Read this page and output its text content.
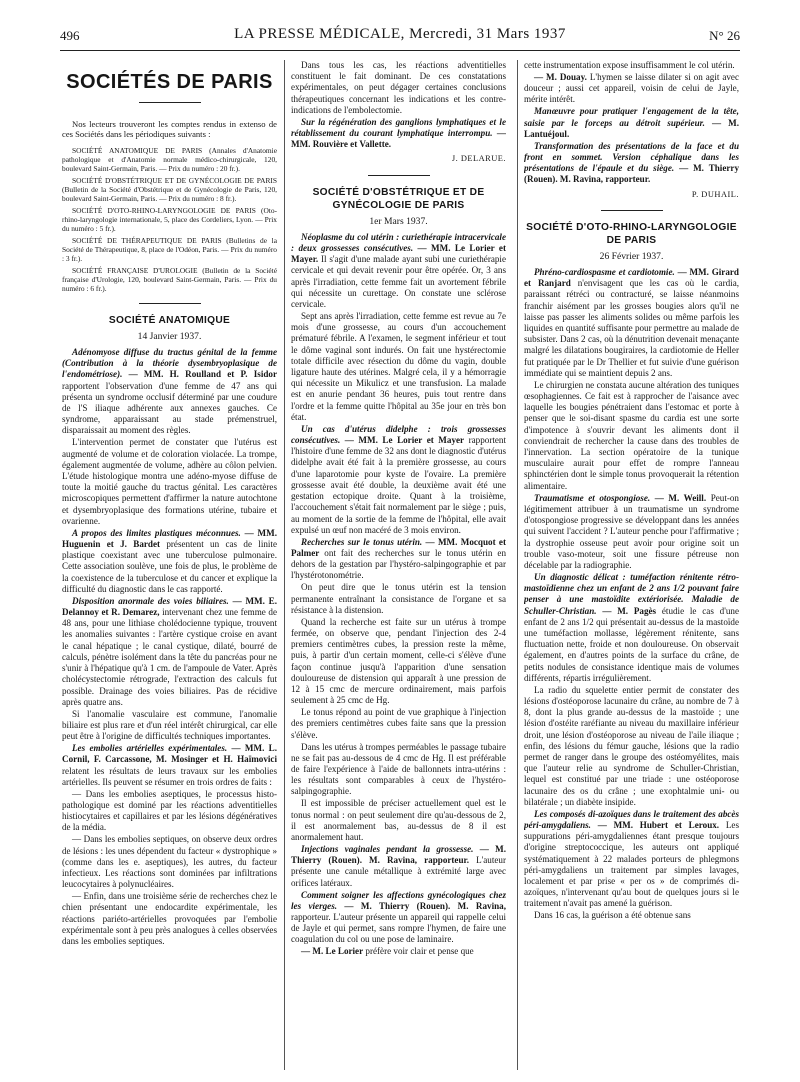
496	LA PRESSE MÉDICALE, Mercredi, 31 Mars 1937	N° 26
SOCIÉTÉS DE PARIS

Nos lecteurs trouveront les comptes rendus in extenso de ces Sociétés dans les périodiques suivants :

SOCIÉTÉ ANATOMIQUE DE PARIS (Annales d'Anatomie pathologique et d'Anatomie normale médico-chirurgicale, 120, boulevard Saint-Germain, Paris. — Prix du numéro : 20 fr.).

SOCIÉTÉ D'OBSTÉTRIQUE ET DE GYNÉCOLOGIE DE PARIS (Bulletin de la Société d'Obstétrique et de Gynécologie de Paris, 120, boulevard Saint-Germain, Paris. — Prix du numéro : 8 fr.).

SOCIÉTÉ D'OTO-RHINO-LARYNGOLOGIE DE PARIS (Oto-rhino-laryngologie internationale, 5, place des Cordeliers, Lyon. — Prix du numéro : 5 fr.).

SOCIÉTÉ DE THÉRAPEUTIQUE DE PARIS (Bulletins de la Société de Thérapeutique, 8, place de l'Odéon, Paris. — Prix du numéro : 3 fr.).

SOCIÉTÉ FRANÇAISE D'UROLOGIE (Bulletin de la Société française d'Urologie, 120, boulevard Saint-Germain, Paris. — Prix du numéro : 6 fr.).

SOCIÉTÉ ANATOMIQUE
14 Janvier 1937.

Adénomyose diffuse du tractus génital de la femme (Contribution à la théorie dysembryoplasique de l'endométriose). — MM. H. Roulland et P. Isidor rapportent l'observation d'une femme de 47 ans qui présenta un syndrome occlusif déterminé par une coudure de l'S iliaque adhérente aux annexes gauches. Ce syndrome, apparaissant au stade prémenstruel, disparaissait au moment des règles.

L'intervention permet de constater que l'utérus est augmenté de volume et de coloration violacée. La trompe, également augmentée de volume, adhère au côlon pelvien. L'étude histologique montra une adéno-myose diffuse de toute la moitié gauche du tractus génital. Les caractères microscopiques permettent d'affirmer la nature autochtone et dysembryoplasique des formations utérine, tubaire et ovarienne.

A propos des limites plastiques méconnues. — MM. Huguenin et J. Bardet présentent un cas de linite plastique coexistant avec une tuberculose pulmonaire. Cette association soulève, une fois de plus, le problème de la coexistence de la tuberculose et du cancer et explique la difficulté du diagnostic dans le cas rapporté.

Disposition anormale des voies biliaires. — MM. E. Delannoy et R. Demarez, intervenant chez une femme de 48 ans, pour une lithiase cholédocienne typique, trouvent les anomalies suivantes : l'artère cystique croise en avant le canal hépatique ; le canal cystique, dilaté, bourré de calculs, pénètre isolément dans la tête du pancréas pour ne s'unir à l'hépatique qu'à 1 cm. de l'ampoule de Vater. Après cholécystectomie rétrograde, l'extraction des calculs fut possible. Drainage des voies biliaires. Pas de récidive après quatre ans.

Si l'anomalie vasculaire est commune, l'anomalie biliaire est plus rare et d'un réel intérêt chirurgical, car elle peut être à l'origine de difficultés techniques importantes.

Les embolies artérielles expérimentales. — MM. L. Cornil, F. Carcassone, M. Mosinger et H. Haïmovici relatent les résultats de leurs travaux sur les embolies artérielles. Ils peuvent se résumer en trois ordres de faits :

— Dans les embolies aseptiques, le processus histo-pathologique est dominé par les réactions adventitielles histiocytaires et capillaires et par les lésions dégénératives de la média.

— Dans les embolies septiques, on observe deux ordres de lésions : les unes dépendent du facteur « dystrophique » (comme dans les e. aseptiques), les autres, du facteur infectieux. Les réactions sont dominées par infiltrations leucocytaires à polynucléaires.

— Enfin, dans une troisième série de recherches chez le chien présentant une endocardite expérimentale, les réactions pariéto-artérielles provoquées par l'embolie expérimentale sont à peu près analogues à celles observées dans les embolies septiques.

Dans tous les cas, les réactions adventitielles constituent le fait dominant. De ces constatations expérimentales, on peut dégager certaines conclusions thérapeutiques concernant les indications et les contre-indications de l'embolectomie.

Sur la régénération des ganglions lymphatiques et le rétablissement du courant lymphatique interrompu. — MM. Rouvière et Vallette.

J. DELARUE.
SOCIÉTÉ D'OBSTÉTRIQUE ET DE GYNÉCOLOGIE DE PARIS
1er Mars 1937.

Néoplasme du col utérin : curiethérapie intracervicale : deux grossesses consécutives. — MM. Le Lorier et Mayer. Il s'agit d'une malade ayant subi une curiethérapie cervicale et qui devait revenir pour être opérée. Or, 3 ans après l'irradiation, cette femme fait un avortement fébrile qui nécessite un curettage. On constate une sclérose cervicale.

Sept ans après l'irradiation, cette femme est revue au 7e mois d'une grossesse, au cours d'un accouchement prématuré fébrile. A l'examen, le segment inférieur et tout le dôme vaginal sont indurés. On fait une hystérectomie totale difficile avec résection du dôme du vagin, double ligature haute des utérines. Malgré cela, il y a hémorragie qui nécessite un Mikulicz et une transfusion. La malade est en anurie pendant 36 heures, puis tout rentre dans l'ordre et la femme quitte l'hôpital au 35e jour en très bon état.

Un cas d'utérus didelphe : trois grossesses consécutives. — MM. Le Lorier et Mayer rapportent l'histoire d'une femme de 32 ans dont le diagnostic d'utérus didelphe avait été fait à la première grossesse, au cours d'une laparotomie pour kyste de l'ovaire. La première grossesse avait été double, la deuxième avait été une gestation ectopique droite. Quant à la troisième, l'accouchement s'était fait normalement par le siège ; puis, au moment de la sortie de la femme de l'hôpital, elle avait expulsé un œuf non macéré de 3 mois environ.

Recherches sur le tonus utérin. — MM. Mocquot et Palmer ont fait des recherches sur le tonus utérin en dehors de la gestation par l'hystéro-salpingographie et par l'hystérotonométrie.

On peut dire que le tonus utérin est la tension permanente entraînant la consistance de l'organe et sa résistance à la distension.

Quand la recherche est faite sur un utérus à trompe fermée, on observe que, pendant l'injection des 2-4 premiers centimètres cubes, la pression reste la même, puis, à partir d'un certain moment, celle-ci s'élève d'une façon continue jusqu'à l'apparition d'une sensation douloureuse de distension qui apparaît à une pression de 12 à 15 cmc de mercure ordinairement, mais parfois seulement à 25 cmc de Hg.

Le tonus répond au point de vue graphique à l'injection des premiers centimètres cubes faite sans que la pression s'élève.

Dans les utérus à trompes perméables le passage tubaire ne se fait pas au-dessous de 4 cmc de Hg. Il est préférable de faire l'expérience à l'aide de ballonnets intra-utérins : les résultats sont comparables à ceux de l'hystéro-salpingographie.

Il est impossible de préciser actuellement quel est le tonus normal : on peut seulement dire qu'au-dessous de 2, il est anormalement bas, au-dessus de 8 il est anormalement haut.

Injections vaginales pendant la grossesse. — M. Thierry (Rouen). M. Ravina, rapporteur. L'auteur présente une canule métallique à extrémité large avec orifices latéraux.

Comment soigner les affections gynécologiques chez les vierges. — M. Thierry (Rouen). M. Ravina, rapporteur. L'auteur présente un appareil qui rappelle celui de Jayle et qui permet, sans rompre l'hymen, de faire une coagulation du col ou une pose de laminaire.

— M. Le Lorier préfère voir clair et pense que

cette instrumentation expose insuffisamment le col utérin.

— M. Douay. L'hymen se laisse dilater si on agit avec douceur ; aussi cet appareil, voisin de celui de Jayle, mérite intérêt.

Manœuvre pour pratiquer l'engagement de la tête, saisie par le forceps au détroit supérieur. — M. Lantuéjoul.

Transformation des présentations de la face et du front en sommet. Version céphalique dans les présentations de l'épaule et du siège. — M. Thierry (Rouen). M. Ravina, rapporteur.

P. DUHAIL.
SOCIÉTÉ D'OTO-RHINO-LARYNGOLOGIE DE PARIS
26 Février 1937.

Phréno-cardiospasme et cardiotomie. — MM. Girard et Ranjard n'envisagent que les cas où le cardia, paraissant rétréci ou contracturé, se laisse néanmoins franchir aisément par les grosses bougies alors qu'il ne laisse pas passer les aliments solides ou même parfois les liquides en quantité suffisante pour permettre au malade de subsister. Dans 2 cas, où la dénutrition devenait menaçante malgré les dilatations bougiraires, la cardiotomie de Heller fut pratiquée par le Dr Thellier et fut suivie d'une guérison immédiate qui se maintient depuis 2 ans.

Le chirurgien ne constata aucune altération des tuniques œsophagiennes. Ce fait est à rapprocher de l'aisance avec laquelle les bougies pénétraient dans l'estomac et porte à penser que le soi-disant spasme du cardia est une sorte d'impotence à s'ouvrir devant les aliments dont il conviendrait de rechercher la cause dans des troubles de l'innervation. La section opératoire de la tunique musculaire aurait pour effet de rompre l'anneau sphinctérien dont le simple tonus provoquerait la rétention alimentaire.

Traumatisme et otospongiose. — M. Weill. Peut-on légitimement attribuer à un traumatisme un syndrome d'otospongiose progressive se développant dans les années qui suivent l'accident ? L'auteur penche pour l'affirmative ; la dystrophie osseuse peut avoir pour origine soit un trouble vaso-moteur, soit une fissure pétreuse non décelable par la radiographie.

Un diagnostic délicat : tuméfaction rénitente rétro-mastoïdienne chez un enfant de 2 ans 1/2 pouvant faire penser à une mastoïdite extériorisée. Maladie de Schuller-Christian. — M. Pagès étudie le cas d'une enfant de 2 ans 1/2 qui présentait au-dessus de la mastoïde une tuméfaction mollasse, légèrement rénitente, sans fluctuation nette, froide et non douloureuse. On observait également, en d'autres points de la surface du crâne, de petits nodules de consistance identique mais de volumes différents, répartis irrégulièrement.

La radio du squelette entier permit de constater des lésions d'ostéoporose lacunaire du crâne, au nombre de 7 à 8, dont la plus grande au-dessus de la mastoïde ; une lésion d'ostéite raréfiante au niveau du maxillaire inférieur droit, une lésion d'ostéoporose au niveau de l'aile iliaque ; enfin, des lésions du fémur gauche, lésions que la radio permet de ranger dans le groupe des ostéomyélites, mais que l'auteur relie au syndrome de Schuller-Christian, lequel est constitué par une triade : une ostéoporose lacunaire des os du crâne ; une exophtalmie uni- ou bilatérale ; un diabète insipide.

Les composés di-azoïques dans le traitement des abcès péri-amygdaliens. — MM. Hubert et Leroux. Les suppurations péri-amygdaliennes étant presque toujours d'origine streptococcique, les auteurs ont appliqué systématiquement à 22 malades porteurs de phlegmons péri-amygdaliens un traitement par simples lavages, localement et par prise « per os » de comprimés di-azoïques, n'intervenant qu'au bout de quelques jours si le traitement n'avait pas amené la guérison.

Dans 16 cas, la guérison a été obtenue sans
